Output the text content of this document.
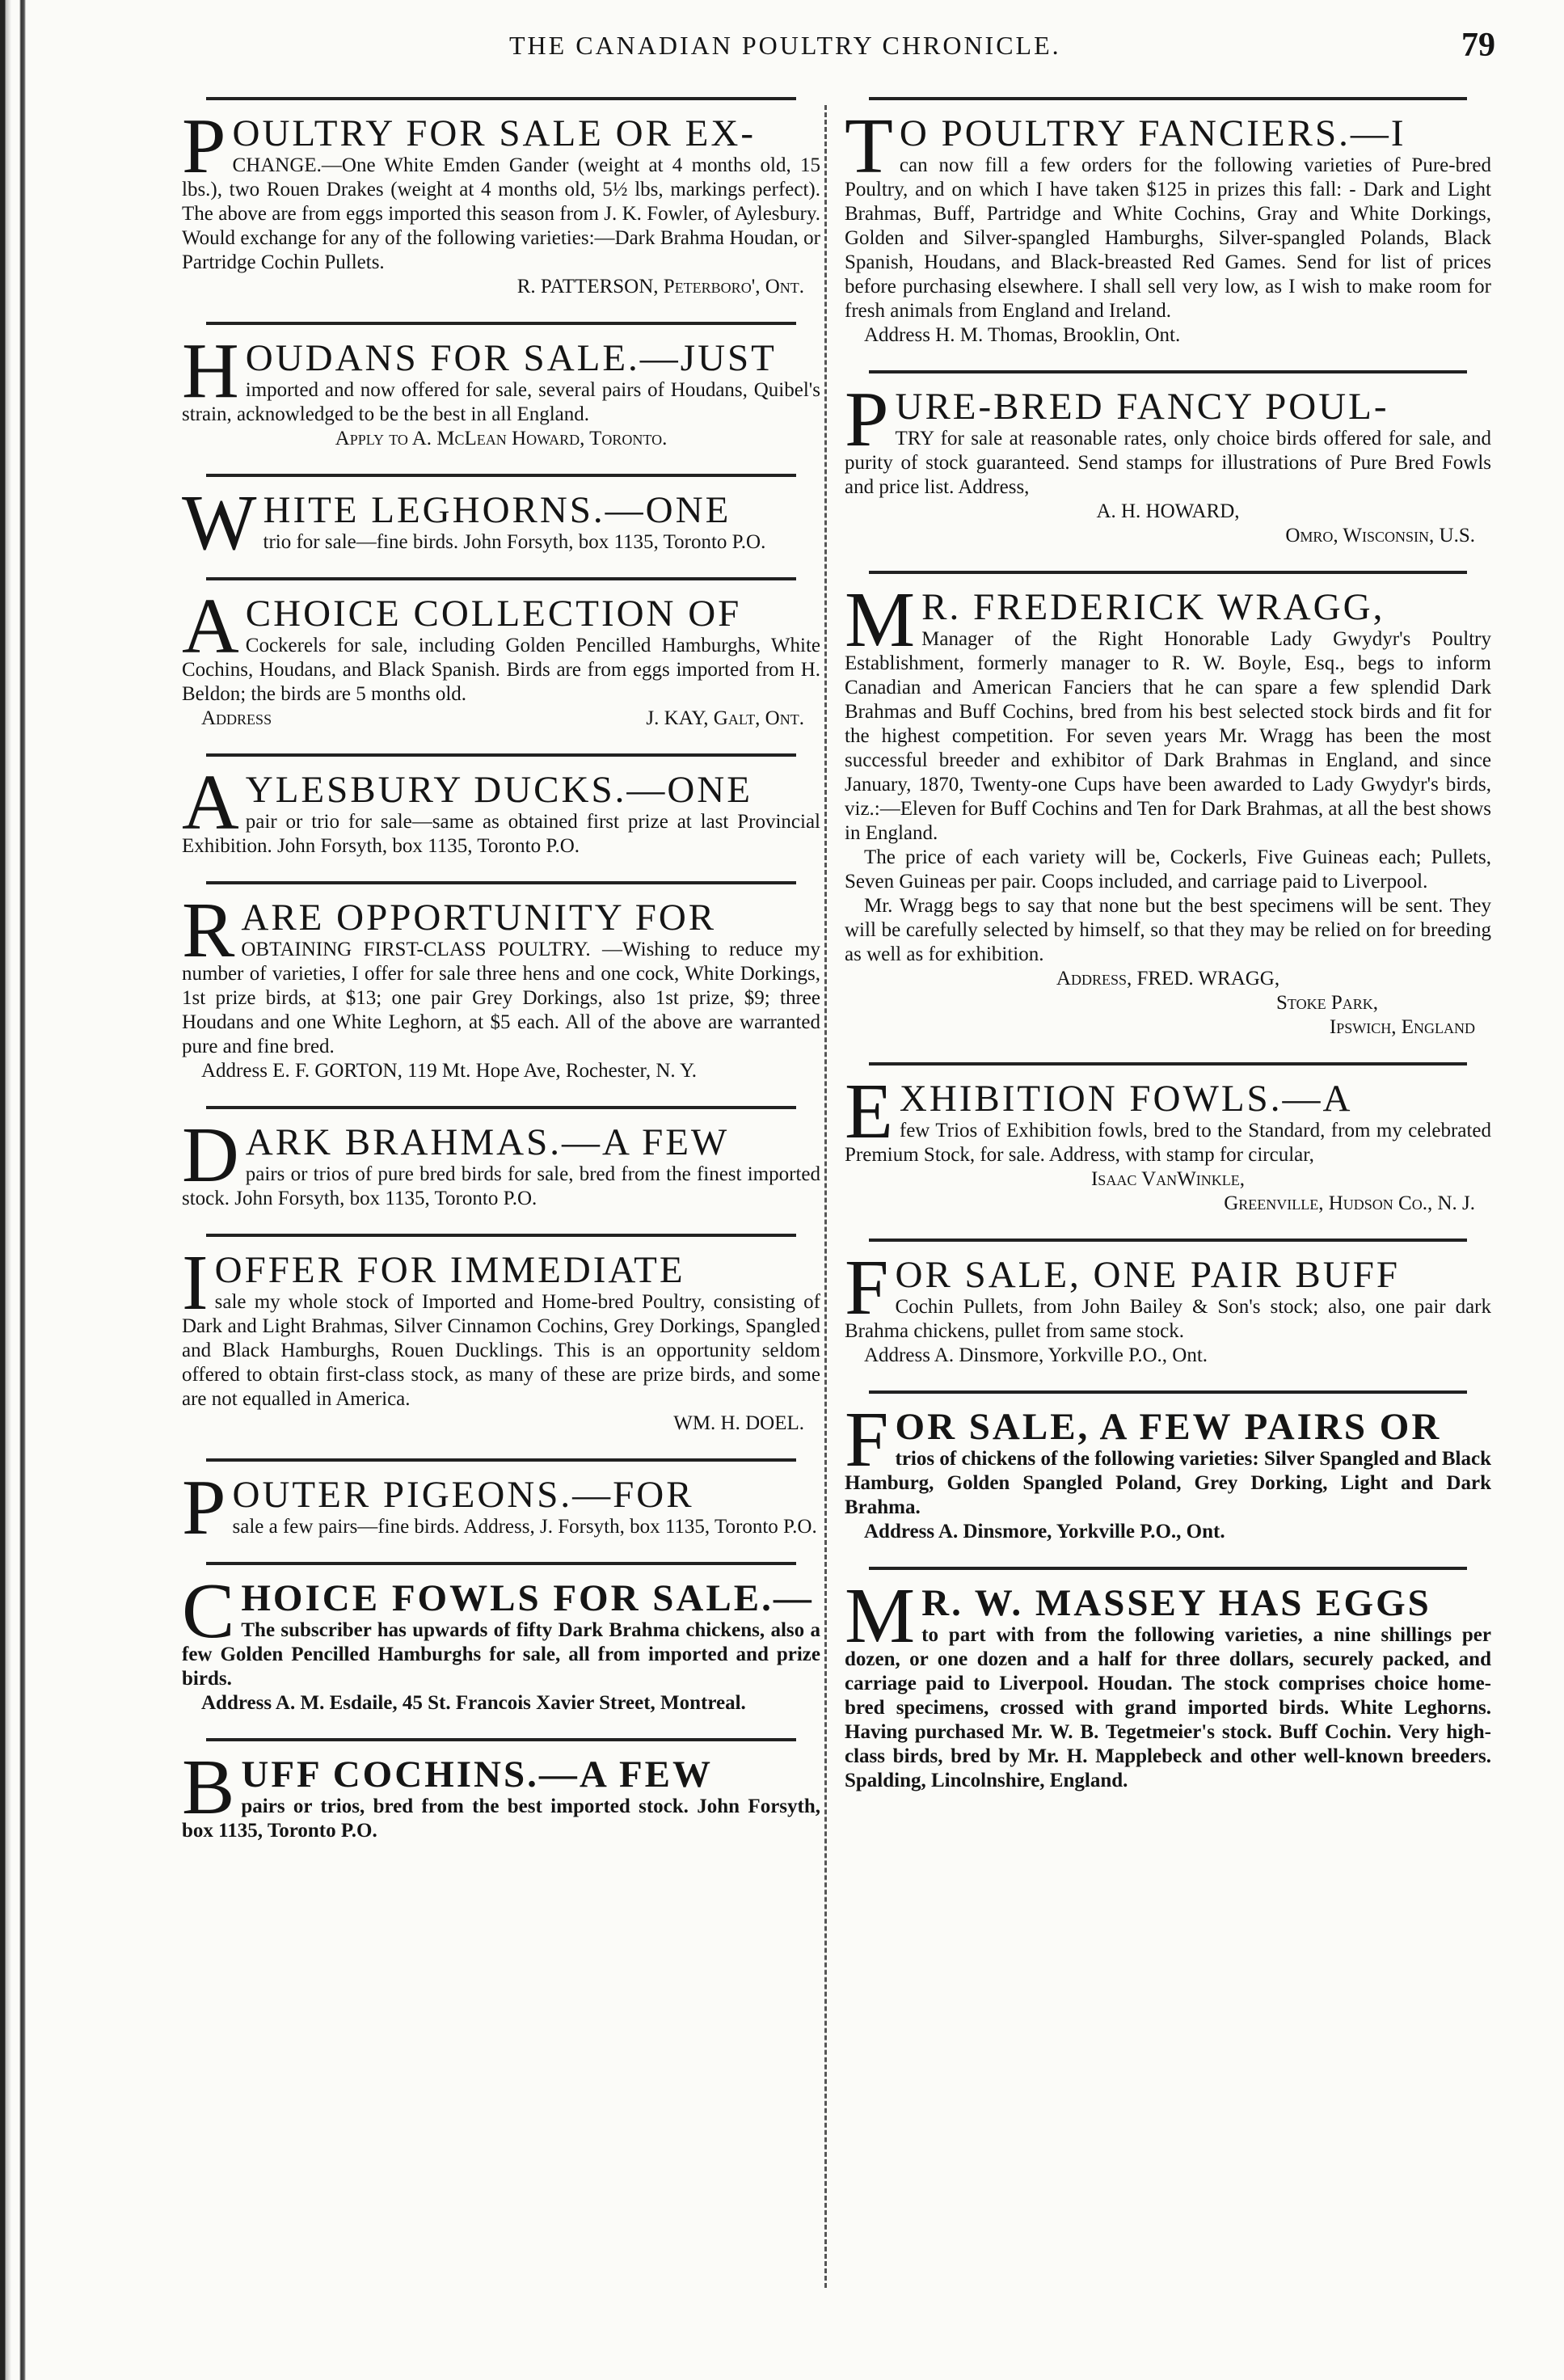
THE CANADIAN POULTRY CHRONICLE.	79
P OULTRY FOR SALE OR EX-
CHANGE.—One White Emden Gander (weight at 4 months old, 15 lbs.), two Rouen Drakes (weight at 4 months old, 5½ lbs, markings perfect). The above are from eggs imported this season from J. K. Fowler, of Aylesbury. Would exchange for any of the following varieties:—Dark Brahma Houdan, or Partridge Cochin Pullets.
R. PATTERSON, Peterboro', Ont.
H OUDANS FOR SALE.—JUST
imported and now offered for sale, several pairs of Houdans, Quibel's strain, acknowledged to be the best in all England.
Apply to A. McLean Howard, Toronto.
W HITE LEGHORNS.—ONE
trio for sale—fine birds. John Forsyth, box 1135, Toronto P.O.
A CHOICE COLLECTION OF
Cockerels for sale, including Golden Pencilled Hamburghs, White Cochins, Houdans, and Black Spanish. Birds are from eggs imported from H. Beldon; the birds are 5 months old.
Address	J. KAY, Galt, Ont.
A YLESBURY DUCKS.—ONE
pair or trio for sale—same as obtained first prize at last Provincial Exhibition. John Forsyth, box 1135, Toronto P.O.
R ARE OPPORTUNITY FOR
OBTAINING FIRST-CLASS POULTRY. —Wishing to reduce my number of varieties, I offer for sale three hens and one cock, White Dorkings, 1st prize birds, at $13; one pair Grey Dorkings, also 1st prize, $9; three Houdans and one White Leghorn, at $5 each. All of the above are warranted pure and fine bred.
Address E. F. GORTON, 119 Mt. Hope Ave, Rochester, N. Y.
D ARK BRAHMAS.—A FEW
pairs or trios of pure bred birds for sale, bred from the finest imported stock. John Forsyth, box 1135, Toronto P.O.
I OFFER FOR IMMEDIATE
sale my whole stock of Imported and Home-bred Poultry, consisting of Dark and Light Brahmas, Silver Cinnamon Cochins, Grey Dorkings, Spangled and Black Hamburghs, Rouen Ducklings. This is an opportunity seldom offered to obtain first-class stock, as many of these are prize birds, and some are not equalled in America.
WM. H. DOEL.
P OUTER PIGEONS.—FOR
sale a few pairs—fine birds. Address, J. Forsyth, box 1135, Toronto P.O.
C HOICE FOWLS FOR SALE.—
The subscriber has upwards of fifty Dark Brahma chickens, also a few Golden Pencilled Hamburghs for sale, all from imported and prize birds.
Address A. M. Esdaile, 45 St. Francois Xavier Street, Montreal.
B UFF COCHINS.—A FEW
pairs or trios, bred from the best imported stock. John Forsyth, box 1135, Toronto P.O.
T O POULTRY FANCIERS.—I
can now fill a few orders for the following varieties of Pure-bred Poultry, and on which I have taken $125 in prizes this fall: - Dark and Light Brahmas, Buff, Partridge and White Cochins, Gray and White Dorkings, Golden and Silver-spangled Hamburghs, Silver-spangled Polands, Black Spanish, Houdans, and Black-breasted Red Games. Send for list of prices before purchasing elsewhere. I shall sell very low, as I wish to make room for fresh animals from England and Ireland.
Address H. M. Thomas, Brooklin, Ont.
P URE-BRED FANCY POUL-
TRY for sale at reasonable rates, only choice birds offered for sale, and purity of stock guaranteed. Send stamps for illustrations of Pure Bred Fowls and price list. Address,
A. H. HOWARD,
Omro, Wisconsin, U.S.
M R. FREDERICK WRAGG,
Manager of the Right Honorable Lady Gwydyr's Poultry Establishment, formerly manager to R. W. Boyle, Esq., begs to inform Canadian and American Fanciers that he can spare a few splendid Dark Brahmas and Buff Cochins, bred from his best selected stock birds and fit for the highest competition. For seven years Mr. Wragg has been the most successful breeder and exhibitor of Dark Brahmas in England, and since January, 1870, Twenty-one Cups have been awarded to Lady Gwydyr's birds, viz.:—Eleven for Buff Cochins and Ten for Dark Brahmas, at all the best shows in England.
The price of each variety will be, Cockerls, Five Guineas each; Pullets, Seven Guineas per pair. Coops included, and carriage paid to Liverpool.
Mr. Wragg begs to say that none but the best specimens will be sent. They will be carefully selected by himself, so that they may be relied on for breeding as well as for exhibition.
Address, FRED. WRAGG,
Stoke Park,
Ipswich, England
E XHIBITION FOWLS.—A
few Trios of Exhibition fowls, bred to the Standard, from my celebrated Premium Stock, for sale. Address, with stamp for circular,
Isaac VanWinkle,
Greenville, Hudson Co., N. J.
F OR SALE, ONE PAIR BUFF
Cochin Pullets, from John Bailey & Son's stock; also, one pair dark Brahma chickens, pullet from same stock.
Address A. Dinsmore, Yorkville P.O., Ont.
F OR SALE, A FEW PAIRS OR
trios of chickens of the following varieties: Silver Spangled and Black Hamburg, Golden Spangled Poland, Grey Dorking, Light and Dark Brahma.
Address A. Dinsmore, Yorkville P.O., Ont.
M R. W. MASSEY HAS EGGS
to part with from the following varieties, a nine shillings per dozen, or one dozen and a half for three dollars, securely packed, and carriage paid to Liverpool. Houdan. The stock comprises choice home-bred specimens, crossed with grand imported birds. White Leghorns. Having purchased Mr. W. B. Tegetmeier's stock. Buff Cochin. Very high-class birds, bred by Mr. H. Mapplebeck and other well-known breeders. Spalding, Lincolnshire, England.
